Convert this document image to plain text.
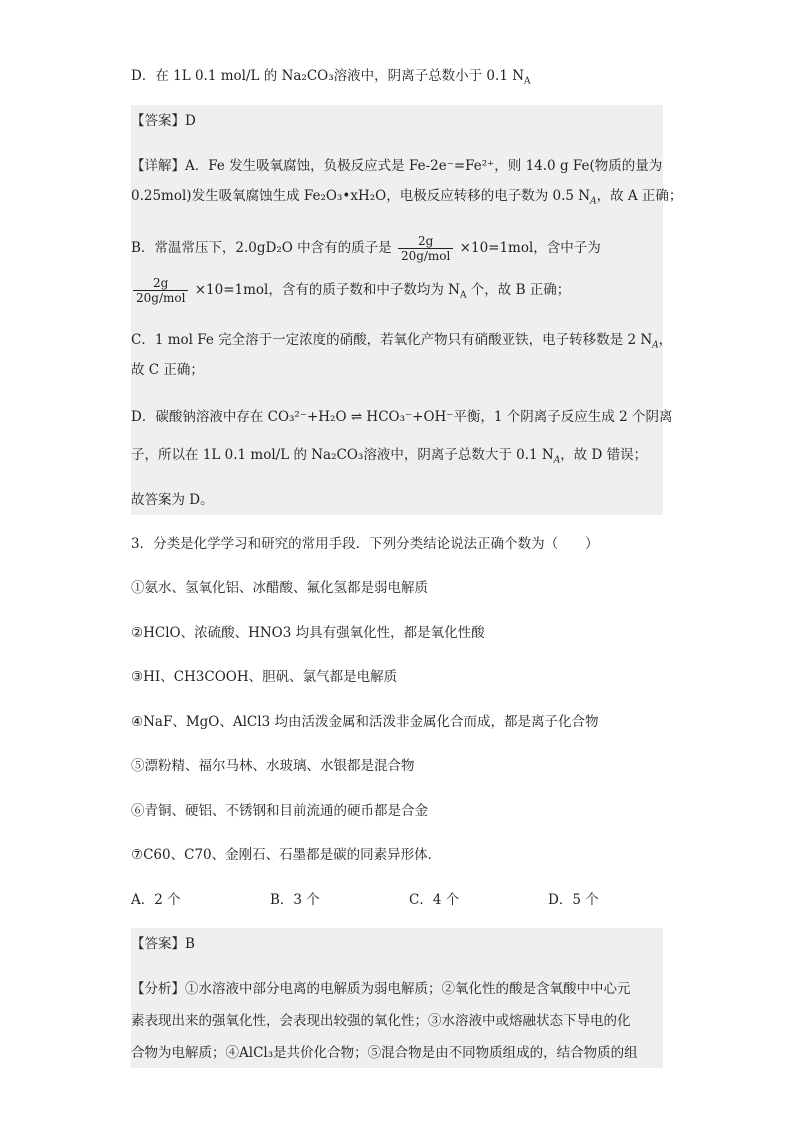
D．在 1L 0.1 mol/L 的 Na₂CO₃溶液中，阴离子总数小于 0.1 $N_A$
【答案】D
【详解】A．Fe 发生吸氧腐蚀，负极反应式是 Fe-2e⁻=Fe²⁺，则 14.0 g Fe(物质的量为
0.25mol)发生吸氧腐蚀生成 Fe₂O₃•xH₂O，电极反应转移的电子数为 0.5 $N_A$，故 A 正确；
B．常温常压下，2.0gD₂O 中含有的质子是 $\frac{2g}{\text{20g/mol}} \times 10=1mol$，含中子为
$\frac{2g}{\text{20g/mol}} \times 10=1mol$，含有的质子数和中子数均为 $N_A$ 个，故 B 正确；
C．1 mol Fe 完全溶于一定浓度的硝酸，若氧化产物只有硝酸亚铁，电子转移数是 2 $N_A$，
故 C 正确；
D．碳酸钠溶液中存在 CO₃²⁻+H₂O ⇌ HCO₃⁻+OH⁻平衡，1 个阴离子反应生成 2 个阴离
子，所以在 1L 0.1 mol/L 的 Na₂CO₃溶液中，阴离子总数大于 0.1 $N_A$，故 D 错误；
故答案为 D。
3．分类是化学学习和研究的常用手段．下列分类结论说法正确个数为（　　）
①氨水、氢氧化铝、冰醋酸、氟化氢都是弱电解质
②HClO、浓硫酸、HNO3 均具有强氧化性，都是氧化性酸
③HI、CH3COOH、胆矾、氯气都是电解质
④NaF、MgO、AlCl3 均由活泼金属和活泼非金属化合而成，都是离子化合物
⑤漂粉精、福尔马林、水玻璃、水银都是混合物
⑥青铜、硬铝、不锈钢和目前流通的硬币都是合金
⑦C60、C70、金刚石、石墨都是碳的同素异形体．
A．2 个	B．3 个	C．4 个	D．5 个
【答案】B
【分析】①水溶液中部分电离的电解质为弱电解质；②氧化性的酸是含氧酸中中心元
素表现出来的强氧化性，会表现出较强的氧化性；③水溶液中或熔融状态下导电的化
合物为电解质；④AlCl₃是共价化合物；⑤混合物是由不同物质组成的，结合物质的组
